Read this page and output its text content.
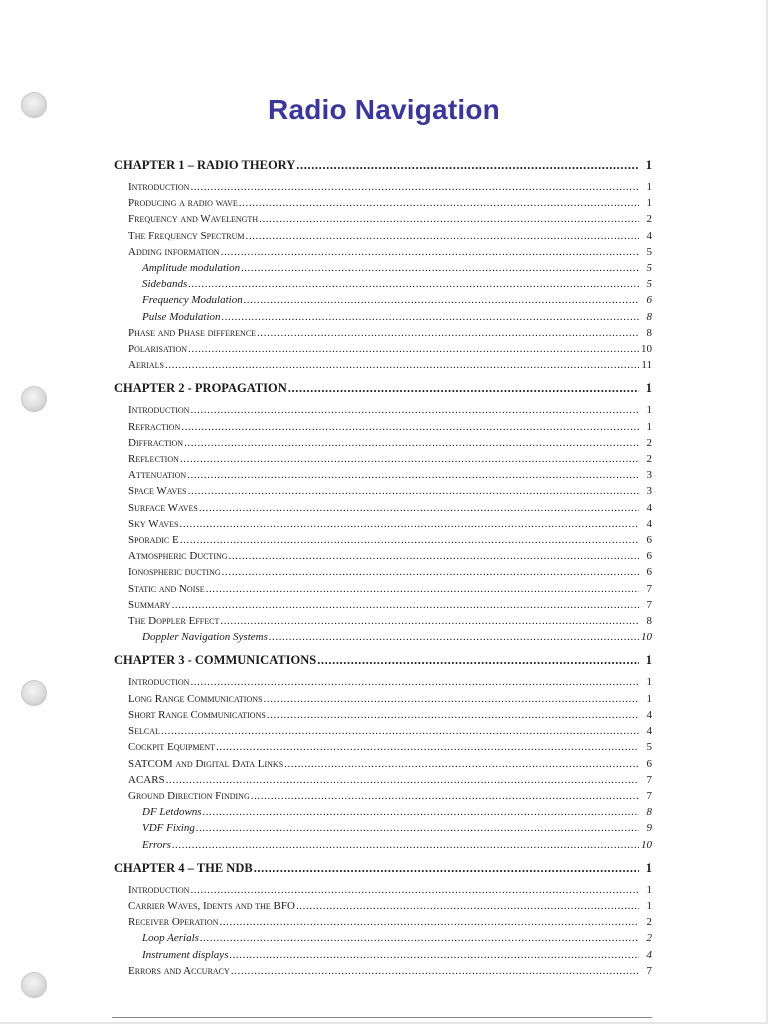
Radio Navigation
CHAPTER 1 – RADIO THEORY .....	1
Introduction .....	1
Producing a radio wave .....	1
Frequency and Wavelength .....	2
The Frequency Spectrum .....	4
Adding information .....	5
Amplitude modulation .....	5
Sidebands .....	5
Frequency Modulation .....	6
Pulse Modulation .....	8
Phase and Phase difference .....	8
Polarisation .....	10
Aerials .....	11
CHAPTER 2 - PROPAGATION .....	1
Introduction .....	1
Refraction .....	1
Diffraction .....	2
Reflection .....	2
Attenuation .....	3
Space Waves .....	3
Surface Waves .....	4
Sky Waves .....	4
Sporadic E .....	6
Atmospheric Ducting .....	6
Ionospheric ducting .....	6
Static and Noise .....	7
Summary .....	7
The Doppler Effect .....	8
Doppler Navigation Systems .....	10
CHAPTER 3 - COMMUNICATIONS .....	1
Introduction .....	1
Long Range Communications .....	1
Short Range Communications .....	4
Selcal .....	4
Cockpit Equipment .....	5
SATCOM and Digital Data Links .....	6
ACARS .....	7
Ground Direction Finding .....	7
DF Letdowns .....	8
VDF Fixing .....	9
Errors .....	10
CHAPTER 4 – THE NDB .....	1
Introduction .....	1
Carrier Waves, Idents and the BFO .....	1
Receiver Operation .....	2
Loop Aerials .....	2
Instrument displays .....	4
Errors and Accuracy .....	7
